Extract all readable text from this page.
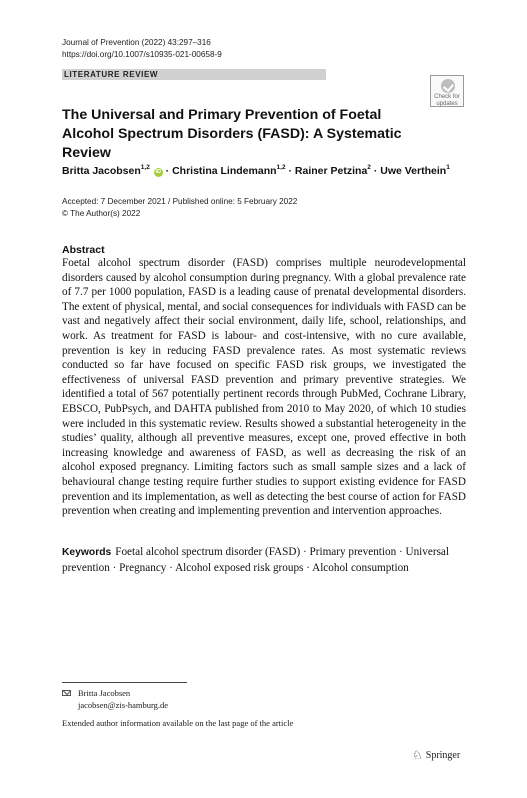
Journal of Prevention (2022) 43:297–316
https://doi.org/10.1007/s10935-021-00658-9
LITERATURE REVIEW
Check for
updates
The Universal and Primary Prevention of Foetal Alcohol Spectrum Disorders (FASD): A Systematic Review
Britta Jacobsen$^{1,2}$ iD · Christina Lindemann$^{1,2}$ · Rainer Petzina$^2$ · Uwe Verthein$^1$
Accepted: 7 December 2021 / Published online: 5 February 2022
© The Author(s) 2022
Abstract
Foetal alcohol spectrum disorder (FASD) comprises multiple neurodevelopmental disorders caused by alcohol consumption during pregnancy. With a global prevalence rate of 7.7 per 1000 population, FASD is a leading cause of prenatal developmental disorders. The extent of physical, mental, and social consequences for individuals with FASD can be vast and negatively affect their social environment, daily life, school, relationships, and work. As treatment for FASD is labour- and cost-intensive, with no cure available, prevention is key in reducing FASD prevalence rates. As most systematic reviews conducted so far have focused on specific FASD risk groups, we investigated the effectiveness of universal FASD prevention and primary preventive strategies. We identified a total of 567 potentially pertinent records through PubMed, Cochrane Library, EBSCO, PubPsych, and DAHTA published from 2010 to May 2020, of which 10 studies were included in this systematic review. Results showed a substantial heterogeneity in the studies’ quality, although all preventive measures, except one, proved effective in both increasing knowledge and awareness of FASD, as well as decreasing the risk of an alcohol exposed pregnancy. Limiting factors such as small sample sizes and a lack of behavioural change testing require further studies to support existing evidence for FASD prevention and its implementation, as well as detecting the best course of action for FASD prevention when creating and implementing prevention and intervention approaches.
Keywords Foetal alcohol spectrum disorder (FASD) · Primary prevention · Universal prevention · Pregnancy · Alcohol exposed risk groups · Alcohol consumption
Britta Jacobsen
jacobsen@zis-hamburg.de
Extended author information available on the last page of the article
♘ Springer
